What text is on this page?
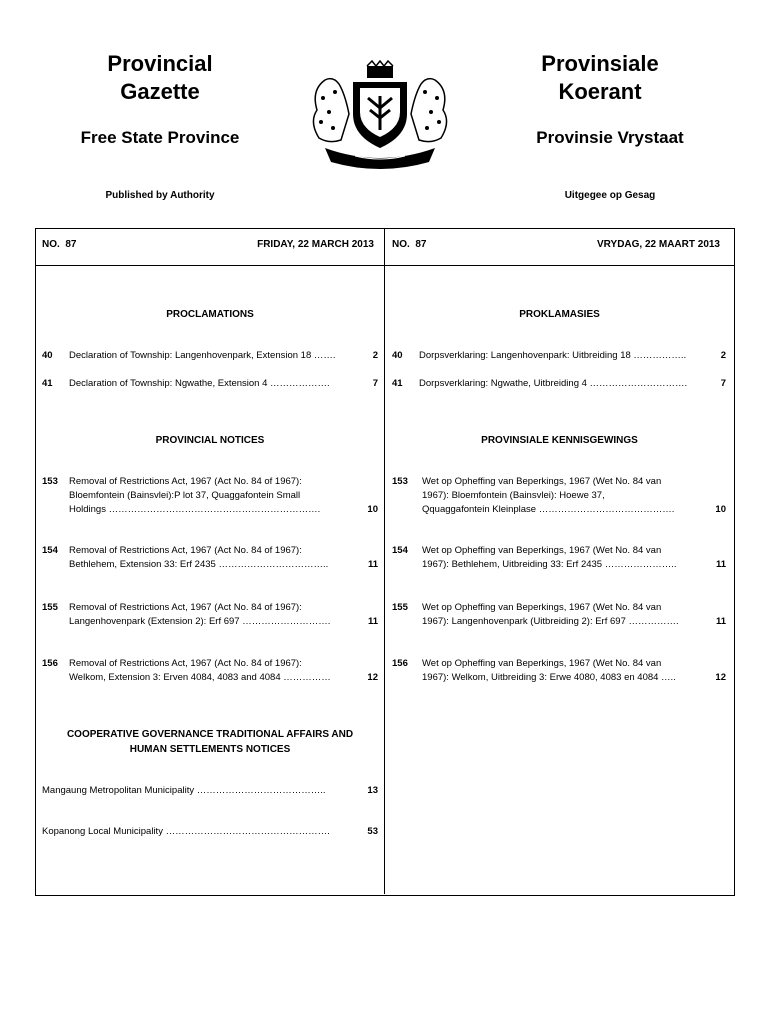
Provincial
Gazette
Provinsiale
Koerant
Free State Province	Provinsie Vrystaat
Published by Authority	Uitgegee op Gesag
NO. 87	FRIDAY, 22 MARCH 2013 NO. 87	VRYDAG, 22 MAART 2013
PROCLAMATIONS
40 Declaration of Township: Langenhovenpark, Extension 18 …….	2
41 Declaration of Township: Ngwathe, Extension 4 ……………….	7
PROKLAMASIES
40 Dorpsverklaring: Langenhovenpark: Uitbreiding 18 ……………..	2
41 Dorpsverklaring: Ngwathe, Uitbreiding 4 ………………………….	7
PROVINCIAL NOTICES	PROVINSIALE KENNISGEWINGS
153 Removal of Restrictions Act, 1967 (Act No. 84 of 1967):
Bloemfontein (Bainsvlei):P lot 37, Quaggafontein Small
Holdings ………………………………………………………….	10
154 Removal of Restrictions Act, 1967 (Act No. 84 of 1967):
Bethlehem, Extension 33: Erf 2435 ……………………………..	11
155 Removal of Restrictions Act, 1967 (Act No. 84 of 1967):
Langenhovenpark (Extension 2): Erf 697 ……………………….	11
156 Removal of Restrictions Act, 1967 (Act No. 84 of 1967):
Welkom, Extension 3: Erven 4084, 4083 and 4084 ……………	12
153 Wet op Opheffing van Beperkings, 1967 (Wet No. 84 van
1967): Bloemfontein (Bainsvlei): Hoewe 37,
Qquaggafontein Kleinplase …………………………………….	10
154 Wet op Opheffing van Beperkings, 1967 (Wet No. 84 van
1967): Bethlehem, Uitbreiding 33: Erf 2435 …………………..	11
155 Wet op Opheffing van Beperkings, 1967 (Wet No. 84 van
1967): Langenhovenpark (Uitbreiding 2): Erf 697 …………….	11
156 Wet op Opheffing van Beperkings, 1967 (Wet No. 84 van
1967): Welkom, Uitbreiding 3: Erwe 4080, 4083 en 4084 …..	12
COOPERATIVE GOVERNANCE TRADITIONAL AFFAIRS AND
HUMAN SETTLEMENTS NOTICES
Mangaung Metropolitan Municipality …………………………………..	13
Kopanong Local Municipality …………………………………………….	53
